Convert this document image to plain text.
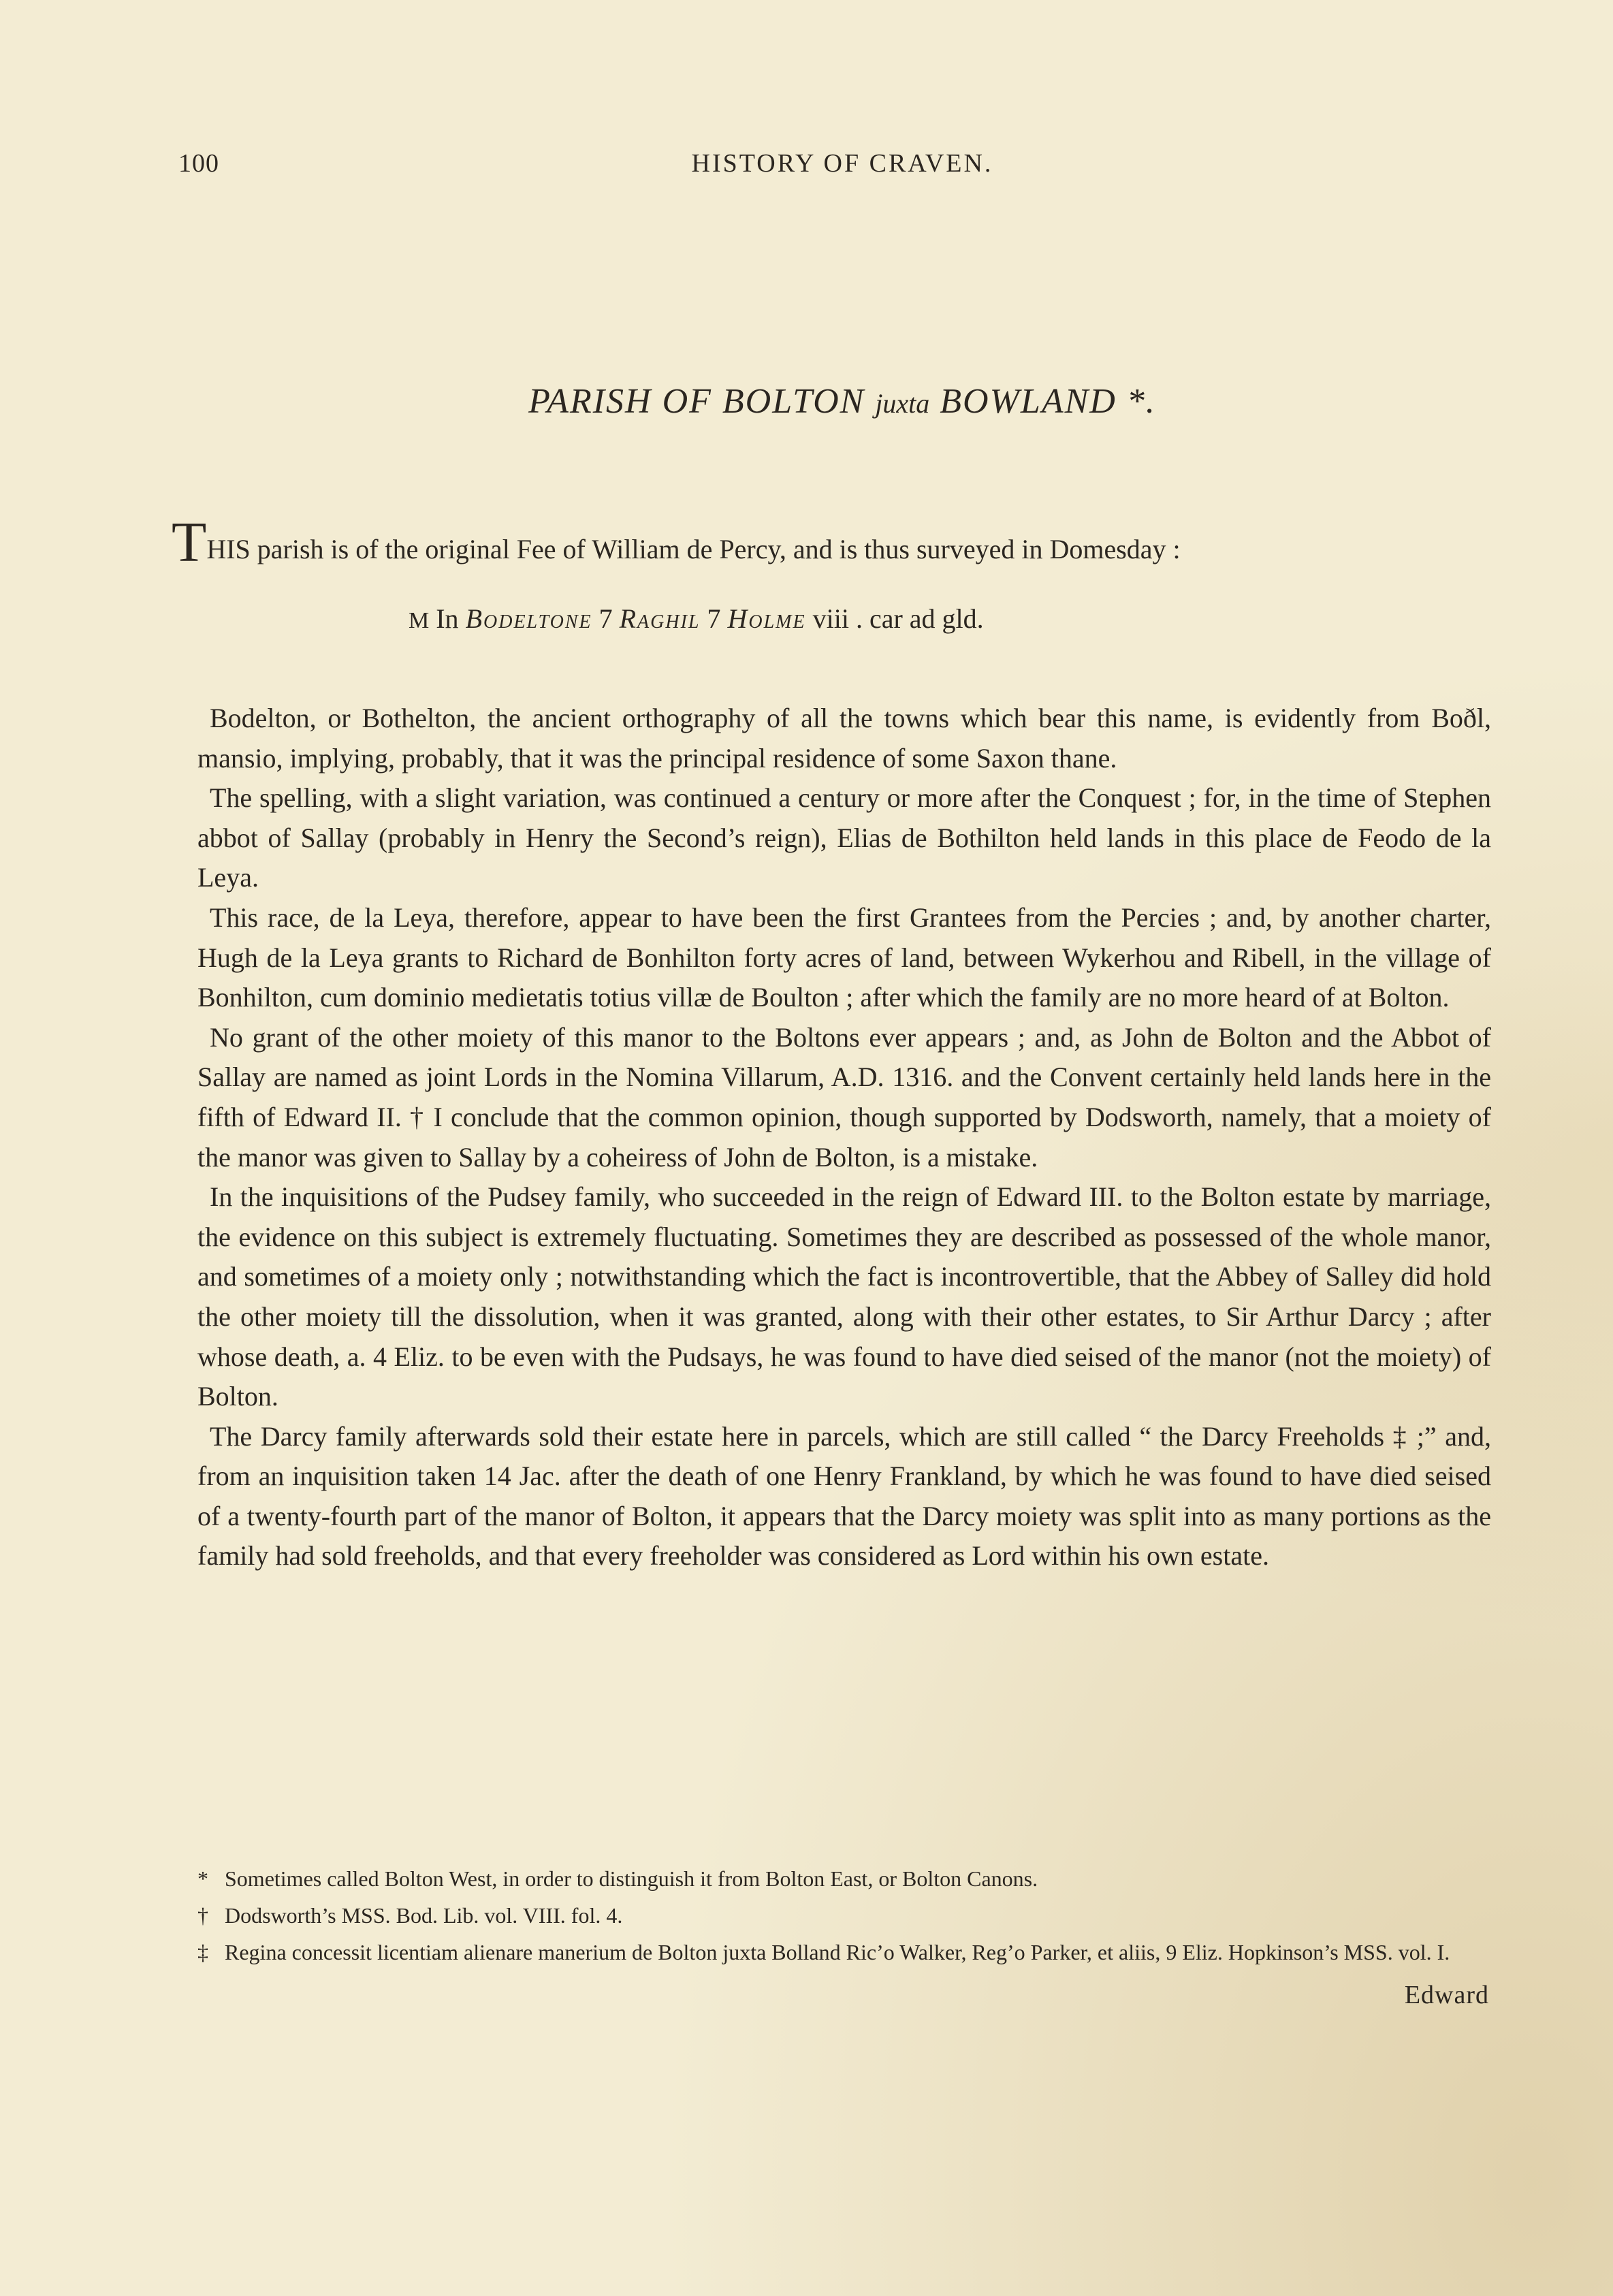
100	HISTORY OF CRAVEN.
PARISH OF BOLTON juxta BOWLAND *.
THIS parish is of the original Fee of William de Percy, and is thus surveyed in Domesday :
M In Bodeltone 7 Raghil 7 Holme viii . car ad gld.

Bodelton, or Bothelton, the ancient orthography of all the towns which bear this name, is evidently from Boðl, mansio, implying, probably, that it was the principal residence of some Saxon thane.

The spelling, with a slight variation, was continued a century or more after the Conquest ; for, in the time of Stephen abbot of Sallay (probably in Henry the Second’s reign), Elias de Bothilton held lands in this place de Feodo de la Leya.

This race, de la Leya, therefore, appear to have been the first Grantees from the Percies ; and, by another charter, Hugh de la Leya grants to Richard de Bonhilton forty acres of land, between Wykerhou and Ribell, in the village of Bonhilton, cum dominio medietatis totius villæ de Boulton ; after which the family are no more heard of at Bolton.

No grant of the other moiety of this manor to the Boltons ever appears ; and, as John de Bolton and the Abbot of Sallay are named as joint Lords in the Nomina Villarum, A.D. 1316. and the Convent certainly held lands here in the fifth of Edward II. † I conclude that the common opinion, though supported by Dodsworth, namely, that a moiety of the manor was given to Sallay by a coheiress of John de Bolton, is a mistake.

In the inquisitions of the Pudsey family, who succeeded in the reign of Edward III. to the Bolton estate by marriage, the evidence on this subject is extremely fluctuating. Sometimes they are described as possessed of the whole manor, and sometimes of a moiety only ; notwithstanding which the fact is incontrovertible, that the Abbey of Salley did hold the other moiety till the dissolution, when it was granted, along with their other estates, to Sir Arthur Darcy ; after whose death, a. 4 Eliz. to be even with the Pudsays, he was found to have died seised of the manor (not the moiety) of Bolton.

The Darcy family afterwards sold their estate here in parcels, which are still called “ the Darcy Freeholds ‡ ;” and, from an inquisition taken 14 Jac. after the death of one Henry Frankland, by which he was found to have died seised of a twenty-fourth part of the manor of Bolton, it appears that the Darcy moiety was split into as many portions as the family had sold freeholds, and that every freeholder was considered as Lord within his own estate.

* Sometimes called Bolton West, in order to distinguish it from Bolton East, or Bolton Canons.

† Dodsworth’s MSS. Bod. Lib. vol. VIII. fol. 4.

‡ Regina concessit licentiam alienare manerium de Bolton juxta Bolland Ric’o Walker, Reg’o Parker, et aliis, 9 Eliz. Hopkinson’s MSS. vol. I.

Edward
